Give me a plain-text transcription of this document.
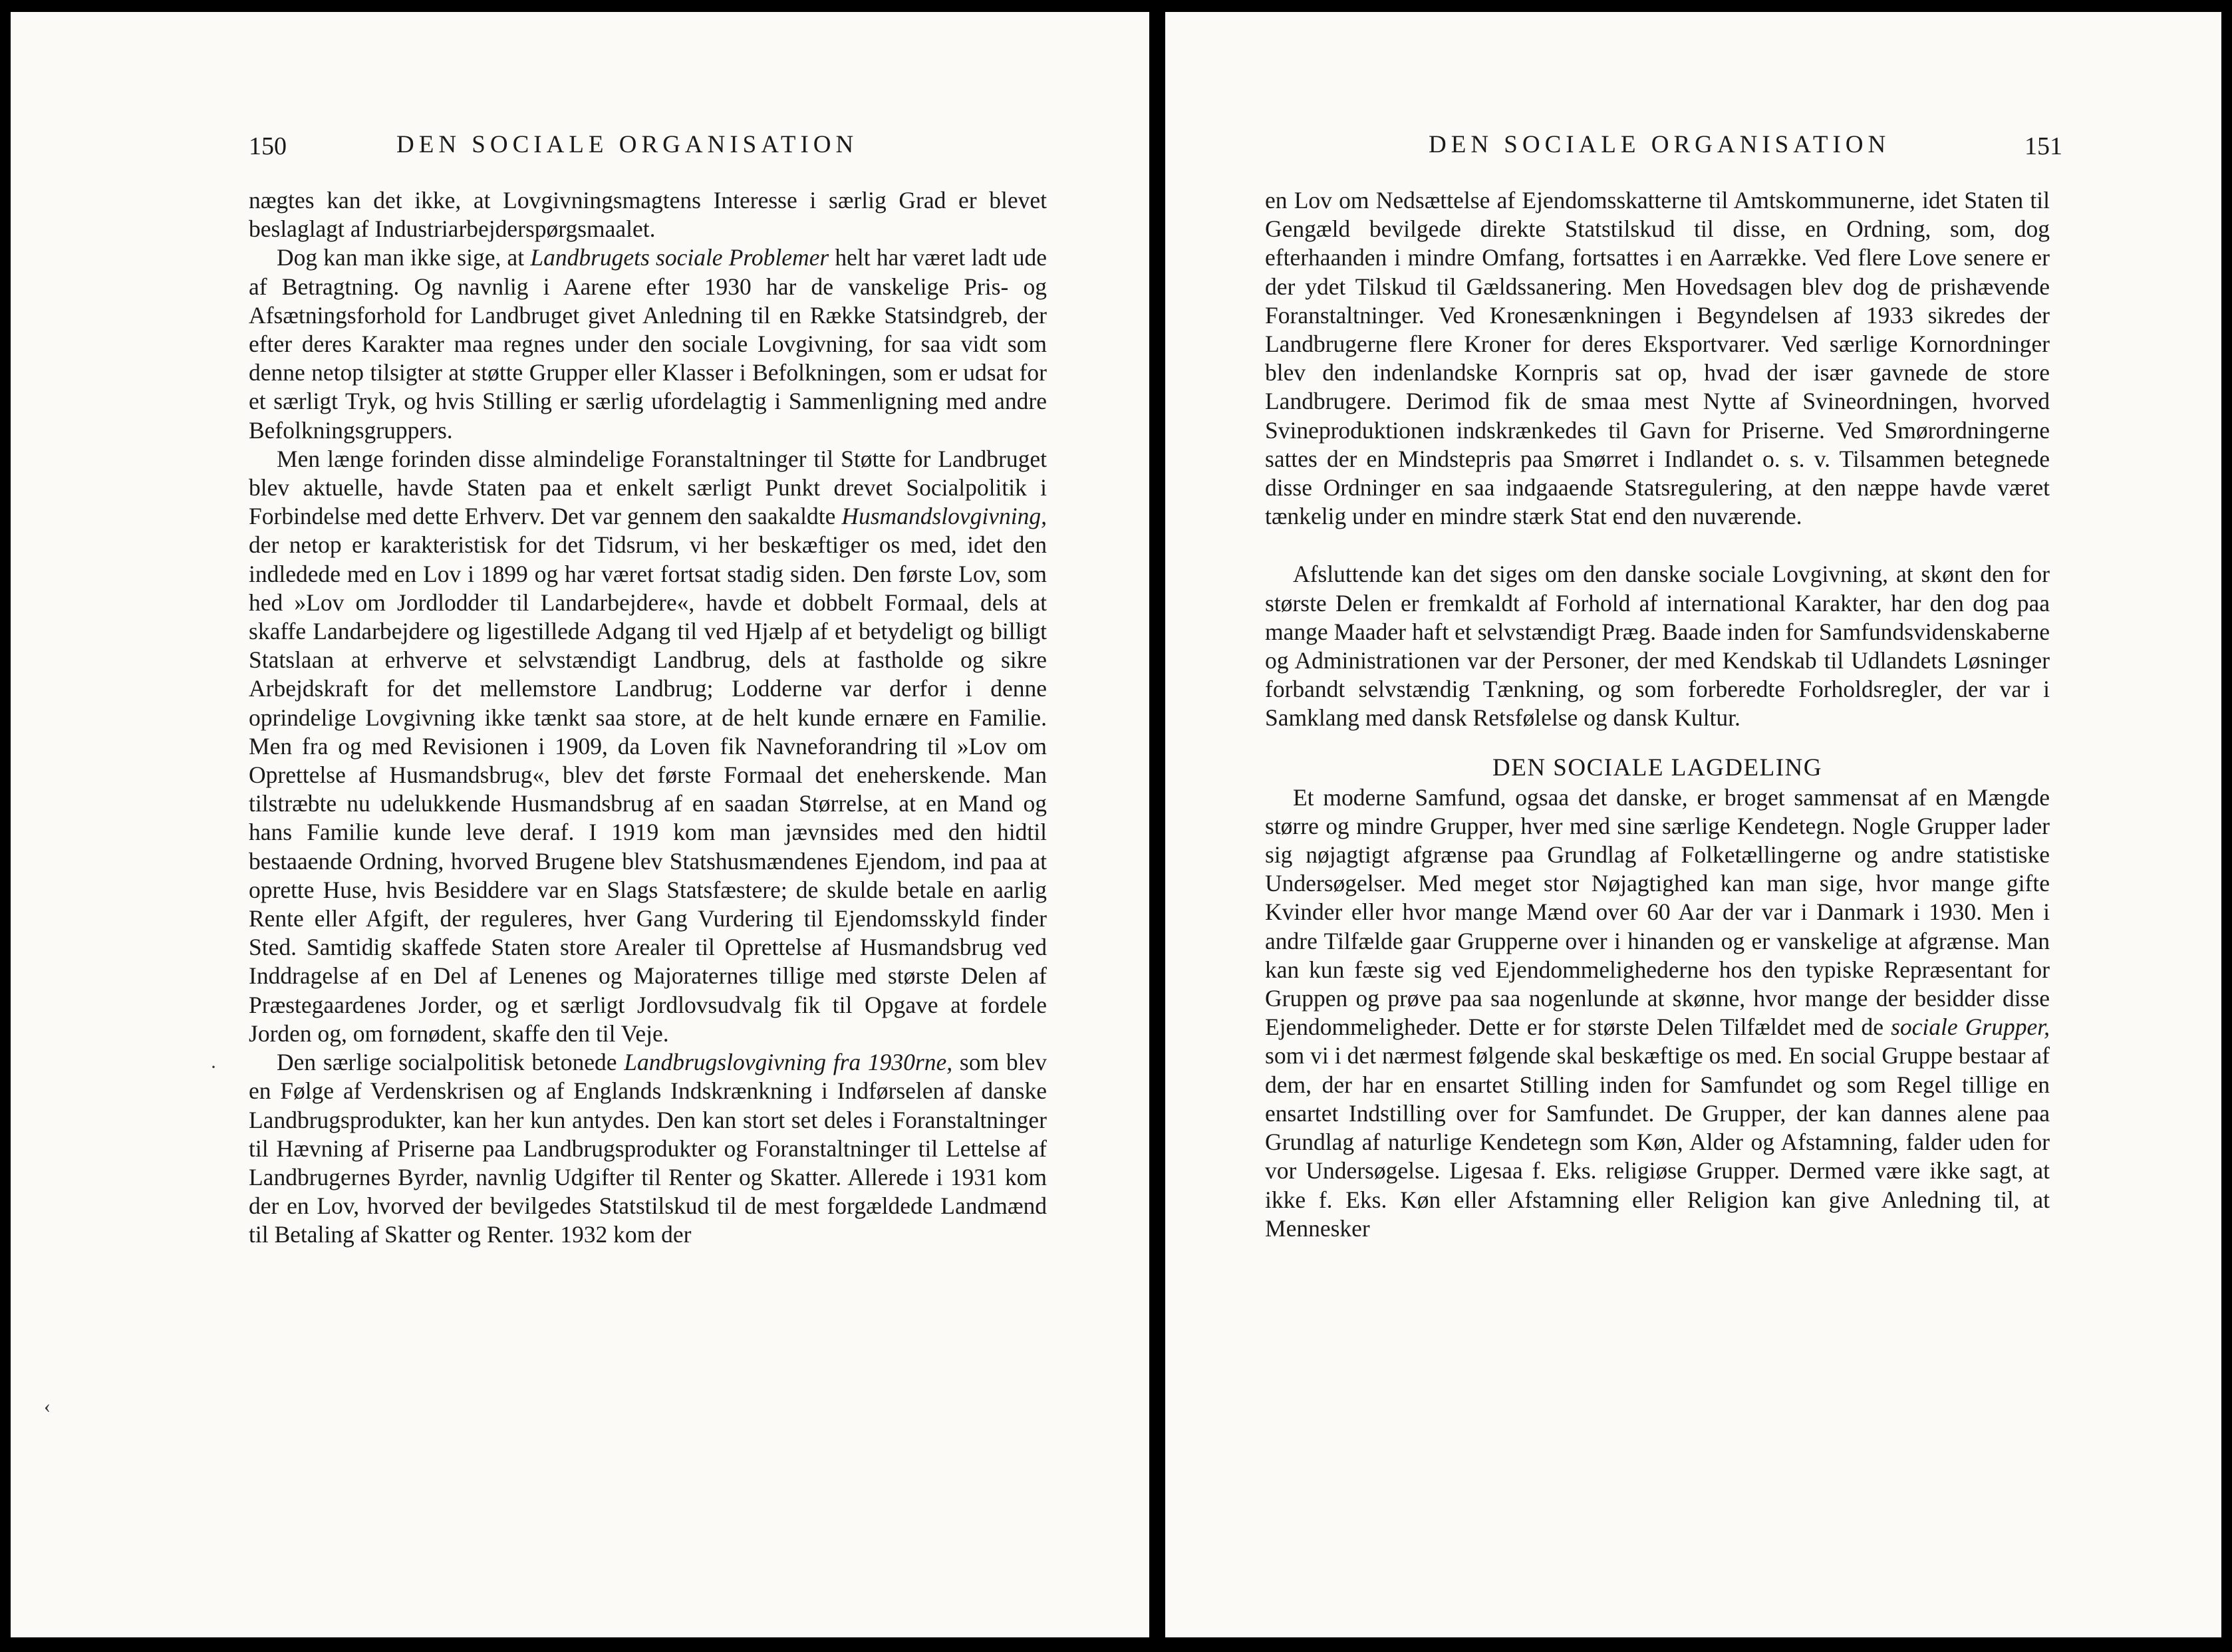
150	DEN SOCIALE ORGANISATION

nægtes kan det ikke, at Lovgivningsmagtens Interesse i særlig Grad er blevet beslaglagt af Industriarbejderspørgsmaalet.

Dog kan man ikke sige, at Landbrugets sociale Problemer helt har været ladt ude af Betragtning. Og navnlig i Aarene efter 1930 har de vanskelige Pris- og Afsætningsforhold for Landbruget givet Anledning til en Række Statsindgreb, der efter deres Karakter maa regnes under den sociale Lovgivning, for saa vidt som denne netop tilsigter at støtte Grupper eller Klasser i Befolkningen, som er udsat for et særligt Tryk, og hvis Stilling er særlig ufordelagtig i Sammenligning med andre Befolkningsgruppers.

Men længe forinden disse almindelige Foranstaltninger til Støtte for Landbruget blev aktuelle, havde Staten paa et enkelt særligt Punkt drevet Socialpolitik i Forbindelse med dette Erhverv. Det var gennem den saakaldte Husmandslovgivning, der netop er karakteristisk for det Tidsrum, vi her beskæftiger os med, idet den indledede med en Lov i 1899 og har været fortsat stadig siden. Den første Lov, som hed »Lov om Jordlodder til Landarbejdere«, havde et dobbelt Formaal, dels at skaffe Landarbejdere og ligestillede Adgang til ved Hjælp af et betydeligt og billigt Statslaan at erhverve et selvstændigt Landbrug, dels at fastholde og sikre Arbejdskraft for det mellemstore Landbrug; Lodderne var derfor i denne oprindelige Lovgivning ikke tænkt saa store, at de helt kunde ernære en Familie. Men fra og med Revisionen i 1909, da Loven fik Navneforandring til »Lov om Oprettelse af Husmandsbrug«, blev det første Formaal det eneherskende. Man tilstræbte nu udelukkende Husmandsbrug af en saadan Størrelse, at en Mand og hans Familie kunde leve deraf. I 1919 kom man jævnsides med den hidtil bestaaende Ordning, hvorved Brugene blev Statshusmændenes Ejendom, ind paa at oprette Huse, hvis Besiddere var en Slags Statsfæstere; de skulde betale en aarlig Rente eller Afgift, der reguleres, hver Gang Vurdering til Ejendomsskyld finder Sted. Samtidig skaffede Staten store Arealer til Oprettelse af Husmandsbrug ved Inddragelse af en Del af Lenenes og Majoraternes tillige med største Delen af Præstegaardenes Jorder, og et særligt Jordlovsudvalg fik til Opgave at fordele Jorden og, om fornødent, skaffe den til Veje.

Den særlige socialpolitisk betonede Landbrugslovgivning fra 1930rne, som blev en Følge af Verdenskrisen og af Englands Indskrænkning i Indførselen af danske Landbrugsprodukter, kan her kun antydes. Den kan stort set deles i Foranstaltninger til Hævning af Priserne paa Landbrugsprodukter og Foranstaltninger til Lettelse af Landbrugernes Byrder, navnlig Udgifter til Renter og Skatter. Allerede i 1931 kom der en Lov, hvorved der bevilgedes Statstilskud til de mest forgældede Landmænd til Betaling af Skatter og Renter. 1932 kom der

·
‹
DEN SOCIALE ORGANISATION	151

en Lov om Nedsættelse af Ejendomsskatterne til Amtskommunerne, idet Staten til Gengæld bevilgede direkte Statstilskud til disse, en Ordning, som, dog efterhaanden i mindre Omfang, fortsattes i en Aarrække. Ved flere Love senere er der ydet Tilskud til Gældssanering. Men Hovedsagen blev dog de prishævende Foranstaltninger. Ved Kronesænkningen i Begyndelsen af 1933 sikredes der Landbrugerne flere Kroner for deres Eksportvarer. Ved særlige Kornordninger blev den indenlandske Kornpris sat op, hvad der især gavnede de store Landbrugere. Derimod fik de smaa mest Nytte af Svineordningen, hvorved Svineproduktionen indskrænkedes til Gavn for Priserne. Ved Smørordningerne sattes der en Mindstepris paa Smørret i Indlandet o. s. v. Tilsammen betegnede disse Ordninger en saa indgaaende Statsregulering, at den næppe havde været tænkelig under en mindre stærk Stat end den nuværende.

Afsluttende kan det siges om den danske sociale Lovgivning, at skønt den for største Delen er fremkaldt af Forhold af international Karakter, har den dog paa mange Maader haft et selvstændigt Præg. Baade inden for Samfundsvidenskaberne og Administrationen var der Personer, der med Kendskab til Udlandets Løsninger forbandt selvstændig Tænkning, og som forberedte Forholdsregler, der var i Samklang med dansk Retsfølelse og dansk Kultur.

DEN SOCIALE LAGDELING

Et moderne Samfund, ogsaa det danske, er broget sammensat af en Mængde større og mindre Grupper, hver med sine særlige Kendetegn. Nogle Grupper lader sig nøjagtigt afgrænse paa Grundlag af Folketællingerne og andre statistiske Undersøgelser. Med meget stor Nøjagtighed kan man sige, hvor mange gifte Kvinder eller hvor mange Mænd over 60 Aar der var i Danmark i 1930. Men i andre Tilfælde gaar Grupperne over i hinanden og er vanskelige at afgrænse. Man kan kun fæste sig ved Ejendommelighederne hos den typiske Repræsentant for Gruppen og prøve paa saa nogenlunde at skønne, hvor mange der besidder disse Ejendommeligheder. Dette er for største Delen Tilfældet med de sociale Grupper, som vi i det nærmest følgende skal beskæftige os med. En social Gruppe bestaar af dem, der har en ensartet Stilling inden for Samfundet og som Regel tillige en ensartet Indstilling over for Samfundet. De Grupper, der kan dannes alene paa Grundlag af naturlige Kendetegn som Køn, Alder og Afstamning, falder uden for vor Undersøgelse. Ligesaa f. Eks. religiøse Grupper. Dermed være ikke sagt, at ikke f. Eks. Køn eller Afstamning eller Religion kan give Anledning til, at Mennesker
